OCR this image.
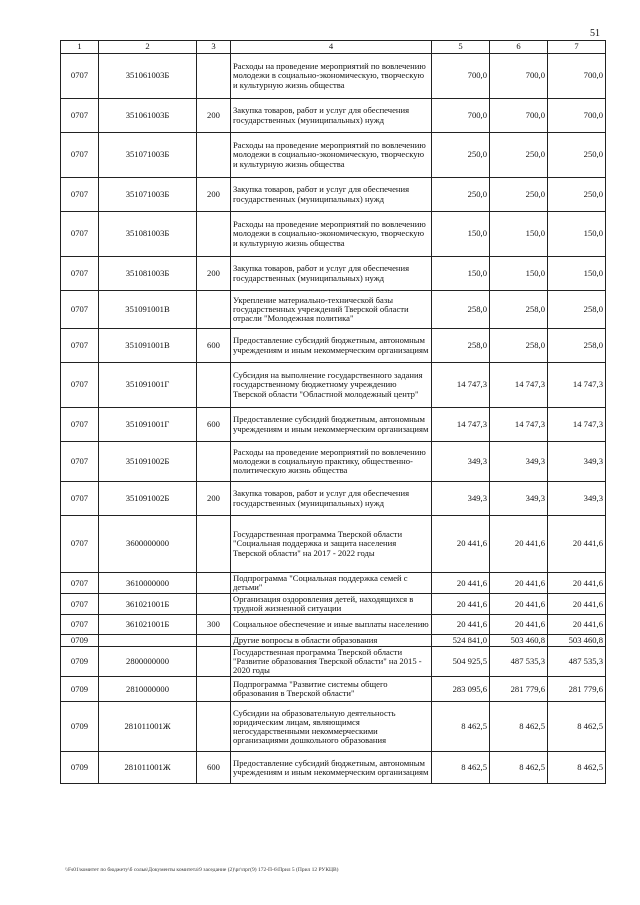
51
1	2	3	4	5	6	7
0707	351061003Б		Расходы на проведение мероприятий по вовлечению молодежи в социально-экономическую, творческую и культурную жизнь общества	700,0	700,0	700,0
0707	351061003Б	200	Закупка товаров, работ и услуг для обеспечения государственных (муниципальных) нужд	700,0	700,0	700,0
0707	351071003Б		Расходы на проведение мероприятий по вовлечению молодежи в социально-экономическую, творческую и культурную жизнь общества	250,0	250,0	250,0
0707	351071003Б	200	Закупка товаров, работ и услуг для обеспечения государственных (муниципальных) нужд	250,0	250,0	250,0
0707	351081003Б		Расходы на проведение мероприятий по вовлечению молодежи в социально-экономическую, творческую и культурную жизнь общества	150,0	150,0	150,0
0707	351081003Б	200	Закупка товаров, работ и услуг для обеспечения государственных (муниципальных) нужд	150,0	150,0	150,0
0707	351091001В		Укрепление материально-технической базы государственных учреждений Тверской области отрасли "Молодежная политика"	258,0	258,0	258,0
0707	351091001В	600	Предоставление субсидий бюджетным, автономным учреждениям и иным некоммерческим организациям	258,0	258,0	258,0
0707	351091001Г		Субсидия на выполнение государственного задания государственному бюджетному учреждению Тверской области "Областной молодежный центр"	14 747,3	14 747,3	14 747,3
0707	351091001Г	600	Предоставление субсидий бюджетным, автономным учреждениям и иным некоммерческим организациям	14 747,3	14 747,3	14 747,3
0707	351091002Б		Расходы на проведение мероприятий по вовлечению молодежи в социальную практику, общественно-политическую жизнь общества	349,3	349,3	349,3
0707	351091002Б	200	Закупка товаров, работ и услуг для обеспечения государственных (муниципальных) нужд	349,3	349,3	349,3
0707	3600000000		Государственная программа Тверской области "Социальная поддержка и защита населения Тверской области" на 2017 - 2022 годы	20 441,6	20 441,6	20 441,6
0707	3610000000		Подпрограмма "Социальная поддержка семей с детьми"	20 441,6	20 441,6	20 441,6
0707	361021001Б		Организация оздоровления детей, находящихся в трудной жизненной ситуации	20 441,6	20 441,6	20 441,6
0707	361021001Б	300	Социальное обеспечение и иные выплаты населению	20 441,6	20 441,6	20 441,6
0709			Другие вопросы в области образования	524 841,0	503 460,8	503 460,8
0709	2800000000		Государственная программа Тверской области "Развитие образования Тверской области" на 2015 - 2020 годы	504 925,5	487 535,3	487 535,3
0709	2810000000		Подпрограмма "Развитие системы общего образования в Тверской области"	283 095,6	281 779,6	281 779,6
0709	281011001Ж		Субсидии на образовательную деятельность юридическим лицам, являющимся негосударственными некоммерческими организациями дошкольного образования	8 462,5	8 462,5	8 462,5
0709	281011001Ж	600	Предоставление субсидий бюджетным, автономным учреждениям и иным некоммерческим организациям	8 462,5	8 462,5	8 462,5
\\Fs01\комитет по бюджету\б сольв\Документы комитета\9 заседание (2)\рг\прг(9) 172-П-6\Прил 5 (Прил 12 РУКЦВ)
